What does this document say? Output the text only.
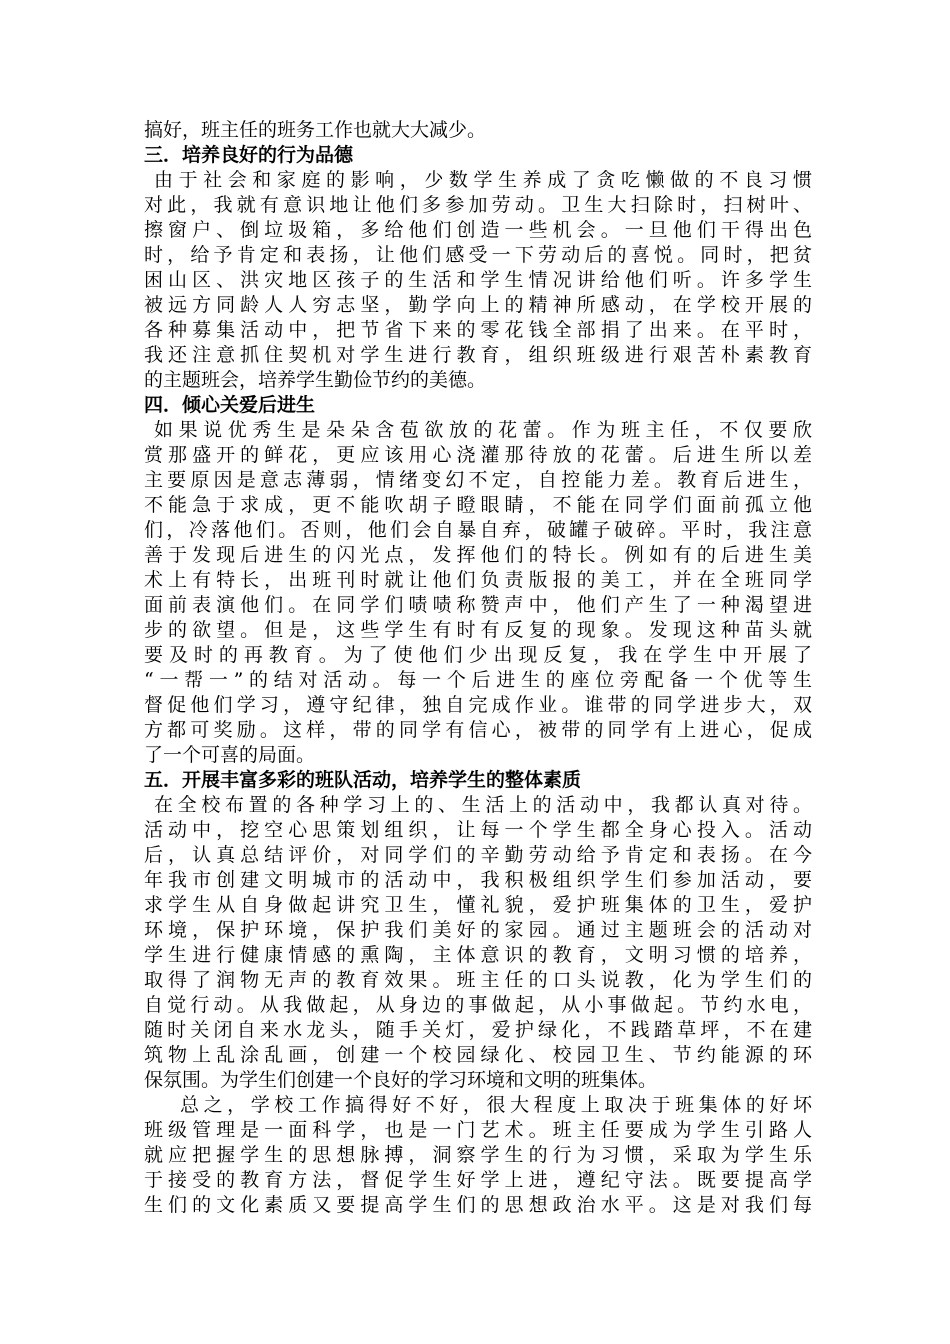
搞好，班主任的班务工作也就大大减少。
三．培养良好的行为品德
由于社会和家庭的影响，少数学生养成了贪吃懒做的不良习惯
对此，我就有意识地让他们多参加劳动。卫生大扫除时，扫树叶、
擦窗户、倒垃圾箱，多给他们创造一些机会。一旦他们干得出色
时，给予肯定和表扬，让他们感受一下劳动后的喜悦。同时，把贫
困山区、洪灾地区孩子的生活和学生情况讲给他们听。许多学生
被远方同龄人人穷志坚，勤学向上的精神所感动，在学校开展的
各种募集活动中，把节省下来的零花钱全部捐了出来。在平时，
我还注意抓住契机对学生进行教育，组织班级进行艰苦朴素教育
的主题班会，培养学生勤俭节约的美德。
四．倾心关爱后进生
如果说优秀生是朵朵含苞欲放的花蕾。作为班主任，不仅要欣
赏那盛开的鲜花，更应该用心浇灌那待放的花蕾。后进生所以差
主要原因是意志薄弱，情绪变幻不定，自控能力差。教育后进生，
不能急于求成，更不能吹胡子瞪眼睛，不能在同学们面前孤立他
们，冷落他们。否则，他们会自暴自弃，破罐子破碎。平时，我注意
善于发现后进生的闪光点，发挥他们的特长。例如有的后进生美
术上有特长，出班刊时就让他们负责版报的美工，并在全班同学
面前表演他们。在同学们啧啧称赞声中，他们产生了一种渴望进
步的欲望。但是，这些学生有时有反复的现象。发现这种苗头就
要及时的再教育。为了使他们少出现反复，我在学生中开展了
“一帮一”的结对活动。每一个后进生的座位旁配备一个优等生
督促他们学习，遵守纪律，独自完成作业。谁带的同学进步大，双
方都可奖励。这样，带的同学有信心，被带的同学有上进心，促成
了一个可喜的局面。
五．开展丰富多彩的班队活动，培养学生的整体素质
在全校布置的各种学习上的、生活上的活动中，我都认真对待。
活动中，挖空心思策划组织，让每一个学生都全身心投入。活动
后，认真总结评价，对同学们的辛勤劳动给予肯定和表扬。在今
年我市创建文明城市的活动中，我积极组织学生们参加活动，要
求学生从自身做起讲究卫生，懂礼貌，爱护班集体的卫生，爱护
环境，保护环境，保护我们美好的家园。通过主题班会的活动对
学生进行健康情感的熏陶，主体意识的教育，文明习惯的培养，
取得了润物无声的教育效果。班主任的口头说教，化为学生们的
自觉行动。从我做起，从身边的事做起，从小事做起。节约水电，
随时关闭自来水龙头，随手关灯，爱护绿化，不践踏草坪，不在建
筑物上乱涂乱画，创建一个校园绿化、校园卫生、节约能源的环
保氛围。为学生们创建一个良好的学习环境和文明的班集体。
总之，学校工作搞得好不好，很大程度上取决于班集体的好坏
班级管理是一面科学，也是一门艺术。班主任要成为学生引路人
就应把握学生的思想脉搏，洞察学生的行为习惯，采取为学生乐
于接受的教育方法，督促学生好学上进，遵纪守法。既要提高学
生们的文化素质又要提高学生们的思想政治水平。这是对我们每
